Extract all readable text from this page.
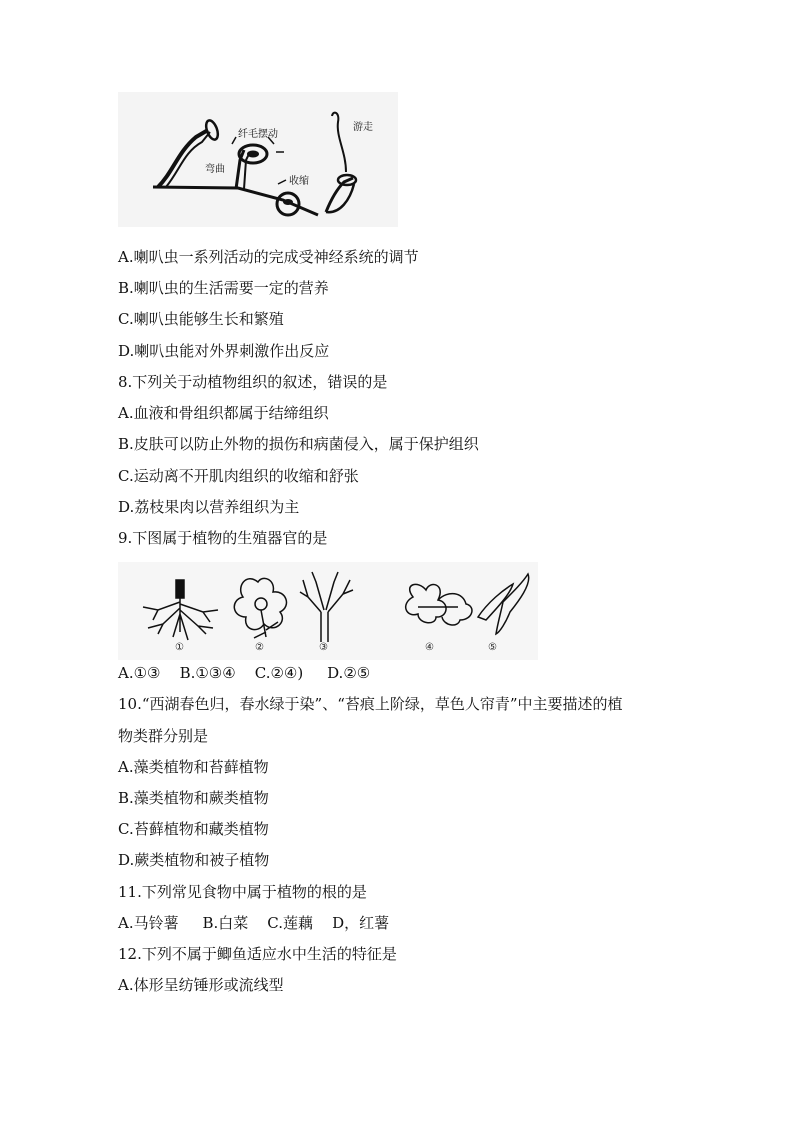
纤毛摆动
游走
弯曲
收缩
A.喇叭虫一系列活动的完成受神经系统的调节
B.喇叭虫的生活需要一定的营养
C.喇叭虫能够生长和繁殖
D.喇叭虫能对外界刺激作出反应
8.下列关于动植物组织的叙述，错误的是
A.血液和骨组织都属于结缔组织
B.皮肤可以防止外物的损伤和病菌侵入，属于保护组织
C.运动离不开肌肉组织的收缩和舒张
D.荔枝果肉以营养组织为主
9.下图属于植物的生殖器官的是
①	②	③	④	⑤
A.①③    B.①③④    C.②④)     D.②⑤
10.“西湖春色归，春水绿于染”、“苔痕上阶绿，草色人帘青”中主要描述的植
物类群分别是
A.藻类植物和苔藓植物
B.藻类植物和蕨类植物
C.苔藓植物和藏类植物
D.蕨类植物和被子植物
11.下列常见食物中属于植物的根的是
A.马铃薯     B.白菜    C.莲藕    D，红薯
12.下列不属于鲫鱼适应水中生活的特征是
A.体形呈纺锤形或流线型
